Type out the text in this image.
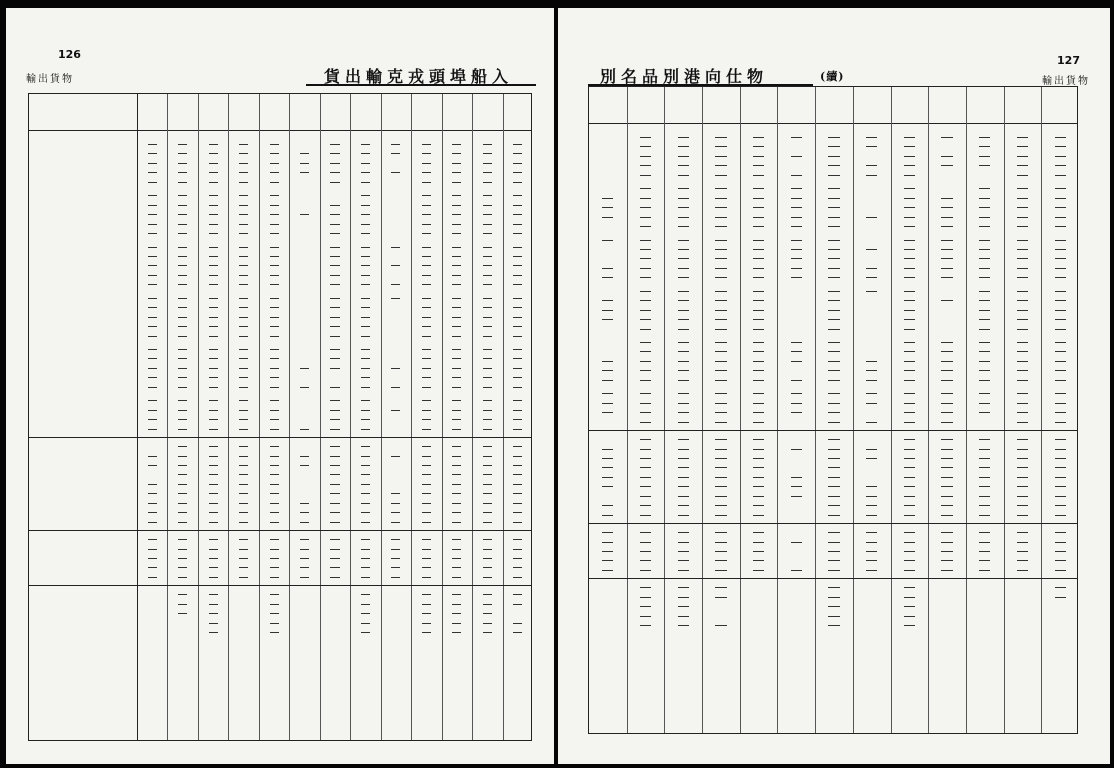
126
輸出貨物	貨出輸克戎頭埠船入
127
輸出貨物
別名品別港向仕物	(續)
